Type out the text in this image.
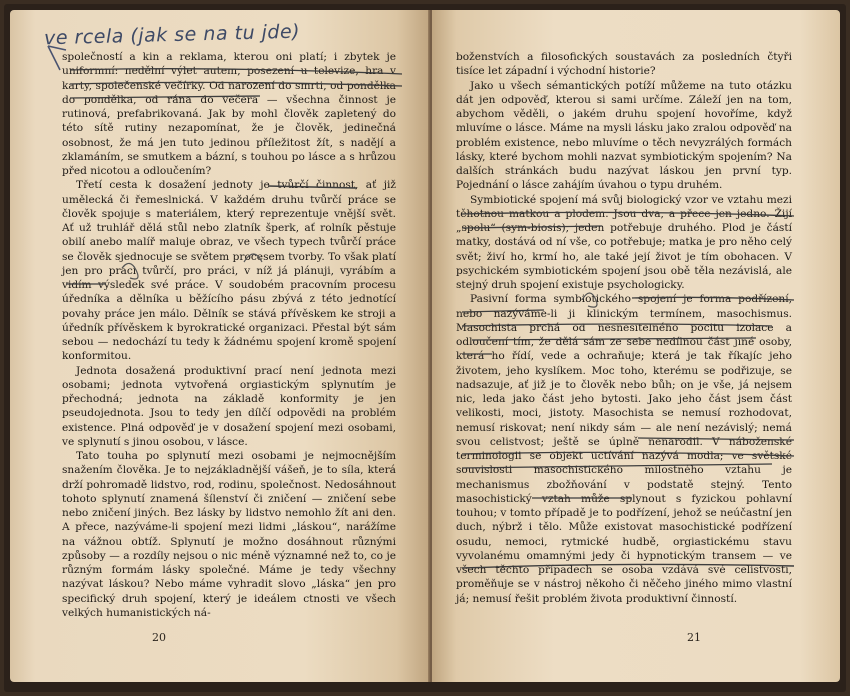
ve rcela (jak se na tu jde)

společností a kin a reklama, kterou oni platí; i zbytek je uniformní: nedělní výlet autem, posezení u televize, hra v karty, společenské večírky. Od narození do smrti, od pondělka do pondělka, od rána do večera — všechna činnost je rutinová, prefabrikovaná. Jak by mohl člověk zapletený do této sítě rutiny nezapomínat, že je člověk, jedinečná osobnost, že má jen tuto jedinou příležitost žít, s nadějí a zklamáním, se smutkem a bázní, s touhou po lásce a s hrůzou před nicotou a odloučením?

Třetí cesta k dosažení jednoty je tvůrčí činnost, ať již umělecká či řemeslnická. V každém druhu tvůrčí práce se člověk spojuje s materiálem, který reprezentuje vnější svět. Ať už truhlář dělá stůl nebo zlatník šperk, ať rolník pěstuje obilí anebo malíř maluje obraz, ve všech typech tvůrčí práce se člověk sjednocuje se světem procesem tvorby. To však platí jen pro práci tvůrčí, pro práci, v níž já plánuji, vyrábím a vidím výsledek své práce. V soudobém pracovním procesu úředníka a dělníka u běžícího pásu zbývá z této jednotící povahy práce jen málo. Dělník se stává přívěskem ke stroji a úředník přívěskem k byrokratické organizaci. Přestal být sám sebou — nedochází tu tedy k žádnému spojení kromě spojení konformitou.

Jednota dosažená produktivní prací není jednota mezi osobami; jednota vytvořená orgiastickým splynutím je přechodná; jednota na základě konformity je jen pseudojednota. Jsou to tedy jen dílčí odpovědi na problém existence. Plná odpověď je v dosažení spojení mezi osobami, ve splynutí s jinou osobou, v lásce.

Tato touha po splynutí mezi osobami je nejmocnějším snažením člověka. Je to nejzákladnější vášeň, je to síla, která drží pohromadě lidstvo, rod, rodinu, společnost. Nedosáhnout tohoto splynutí znamená šílenství či zničení — zničení sebe nebo zničení jiných. Bez lásky by lidstvo nemohlo žít ani den. A přece, nazýváme-li spojení mezi lidmi „láskou“, narážíme na vážnou obtíž. Splynutí je možno dosáhnout různými způsoby — a rozdíly nejsou o nic méně významné než to, co je různým formám lásky společné. Máme je tedy všechny nazývat láskou? Nebo máme vyhradit slovo „láska“ jen pro specifický druh spojení, který je ideálem ctnosti ve všech velkých humanistických ná-

20

boženstvích a filosofických soustavách za posledních čtyři tisíce let západní i východní historie?

Jako u všech sémantických potíží můžeme na tuto otázku dát jen odpověď, kterou si sami určíme. Záleží jen na tom, abychom věděli, o jakém druhu spojení hovoříme, když mluvíme o lásce. Máme na mysli lásku jako zralou odpověď na problém existence, nebo mluvíme o těch nevyzrálých formách lásky, které bychom mohli nazvat symbiotickým spojením? Na dalších stránkách budu nazývat láskou jen první typ. Pojednání o lásce zahájím úvahou o typu druhém.

Symbiotické spojení má svůj biologický vzor ve vztahu mezi těhotnou matkou a plodem. Jsou dva, a přece jen jedno. Žijí „spolu“ (sym-biosis), jeden potřebuje druhého. Plod je částí matky, dostává od ní vše, co potřebuje; matka je pro něho celý svět; živí ho, krmí ho, ale také její život je tím obohacen. V psychickém symbiotickém spojení jsou obě těla nezávislá, ale stejný druh spojení existuje psychologicky.

Pasivní forma symbiotického spojení je forma podřízení, nebo nazýváme-li ji klinickým termínem, masochismus. Masochista prchá od nesnesitelného pocitu izolace a odloučení tím, že dělá sám ze sebe nedílnou část jiné osoby, která ho řídí, vede a ochraňuje; která je tak říkajíc jeho životem, jeho kyslíkem. Moc toho, kterému se podřizuje, se nadsazuje, ať již je to člověk nebo bůh; on je vše, já nejsem nic, leda jako část jeho bytosti. Jako jeho část jsem část velikosti, moci, jistoty. Masochista se nemusí rozhodovat, nemusí riskovat; není nikdy sám — ale není nezávislý; nemá svou celistvost; ještě se úplně nenarodil. V náboženské terminologii se objekt uctívání nazývá modla; ve světské souvislosti masochistického milostného vztahu je mechanismus zbožňování v podstatě stejný. Tento masochistický vztah může splynout s fyzickou pohlavní touhou; v tomto případě je to podřízení, jehož se neúčastní jen duch, nýbrž i tělo. Může existovat masochistické podřízení osudu, nemoci, rytmické hudbě, orgiastickému stavu vyvolanému omamnými jedy či hypnotickým transem — ve všech těchto případech se osoba vzdává své celistvosti, proměňuje se v nástroj někoho či něčeho jiného mimo vlastní já; nemusí řešit problém života produktivní činností.

21
